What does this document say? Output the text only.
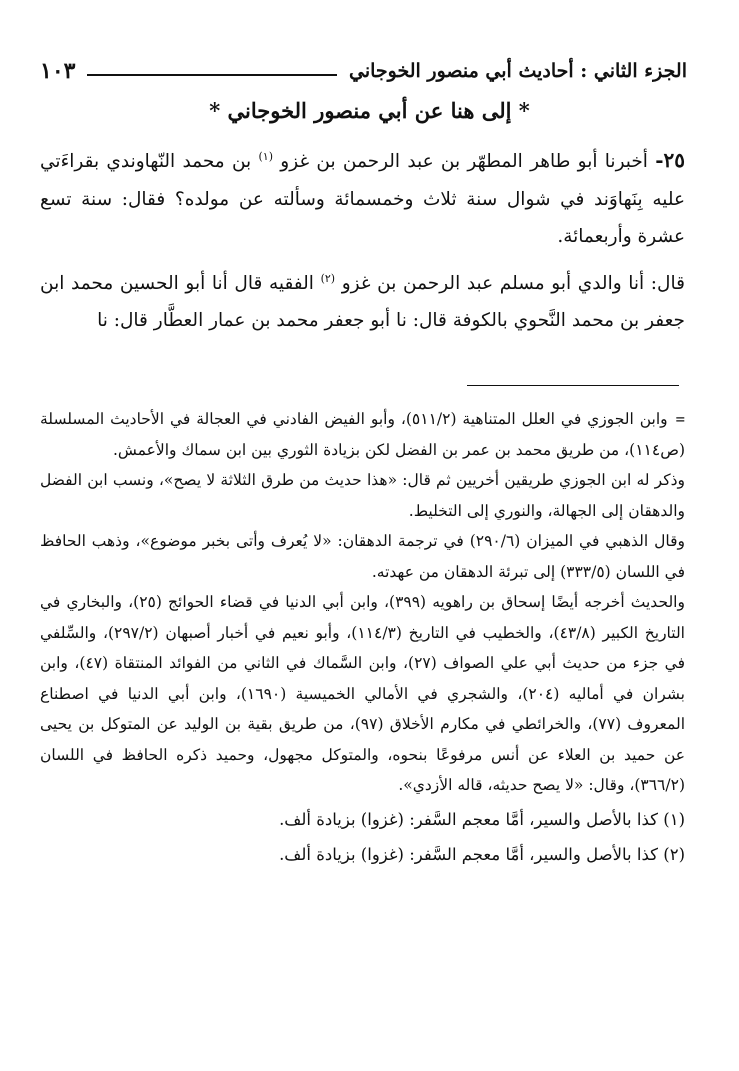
الجزء الثاني : أحاديث أبي منصور الخوجاني
١٠٣
* إلى هنا عن أبي منصور الخوجاني *

٢٥- أخبرنا أبو طاهر المطهّر بن عبد الرحمن بن غزو $^{(١)}$ بن محمد النّهاوندي بقراءَتي عليه بِنَهاوَند في شوال سنة ثلاث وخمسمائة وسألته عن مولده؟ فقال: سنة تسع عشرة وأربعمائة.

قال: أنا والدي أبو مسلم عبد الرحمن بن غزو $^{(٢)}$ الفقيه قال أنا أبو الحسين محمد ابن جعفر بن محمد النَّحوي بالكوفة قال: نا أبو جعفر محمد بن عمار العطَّار قال: نا

=وابن الجوزي في العلل المتناهية (٥١١/٢)، وأبو الفيض الفادني في العجالة في الأحاديث المسلسلة (ص١١٤)، من طريق محمد بن عمر بن الفضل لكن بزيادة الثوري بين ابن سماك والأعمش.

وذكر له ابن الجوزي طريقين أخريين ثم قال: «هذا حديث من طرق الثلاثة لا يصح»، ونسب ابن الفضل والدهقان إلى الجهالة، والنوري إلى التخليط.

وقال الذهبي في الميزان (٢٩٠/٦) في ترجمة الدهقان: «لا يُعرف وأتى بخبر موضوع»، وذهب الحافظ في اللسان (٣٣٣/٥) إلى تبرئة الدهقان من عهدته.

والحديث أخرجه أيضًا إسحاق بن راهويه (٣٩٩)، وابن أبي الدنيا في قضاء الحوائج (٢٥)، والبخاري في التاريخ الكبير (٤٣/٨)، والخطيب في التاريخ (١١٤/٣)، وأبو نعيم في أخبار أصبهان (٢٩٧/٢)، والسِّلفي في جزء من حديث أبي علي الصواف (٢٧)، وابن السَّماك في الثاني من الفوائد المنتقاة (٤٧)، وابن بشران في أماليه (٢٠٤)، والشجري في الأمالي الخميسية (١٦٩٠)، وابن أبي الدنيا في اصطناع المعروف (٧٧)، والخرائطي في مكارم الأخلاق (٩٧)، من طريق بقية بن الوليد عن المتوكل بن يحيى عن حميد بن العلاء عن أنس مرفوعًا بنحوه، والمتوكل مجهول، وحميد ذكره الحافظ في اللسان (٣٦٦/٢)، وقال: «لا يصح حديثه، قاله الأزدي».

(١) كذا بالأصل والسير، أمَّا معجم السَّفر: (غزوا) بزيادة ألف.

(٢) كذا بالأصل والسير، أمَّا معجم السَّفر: (غزوا) بزيادة ألف.
